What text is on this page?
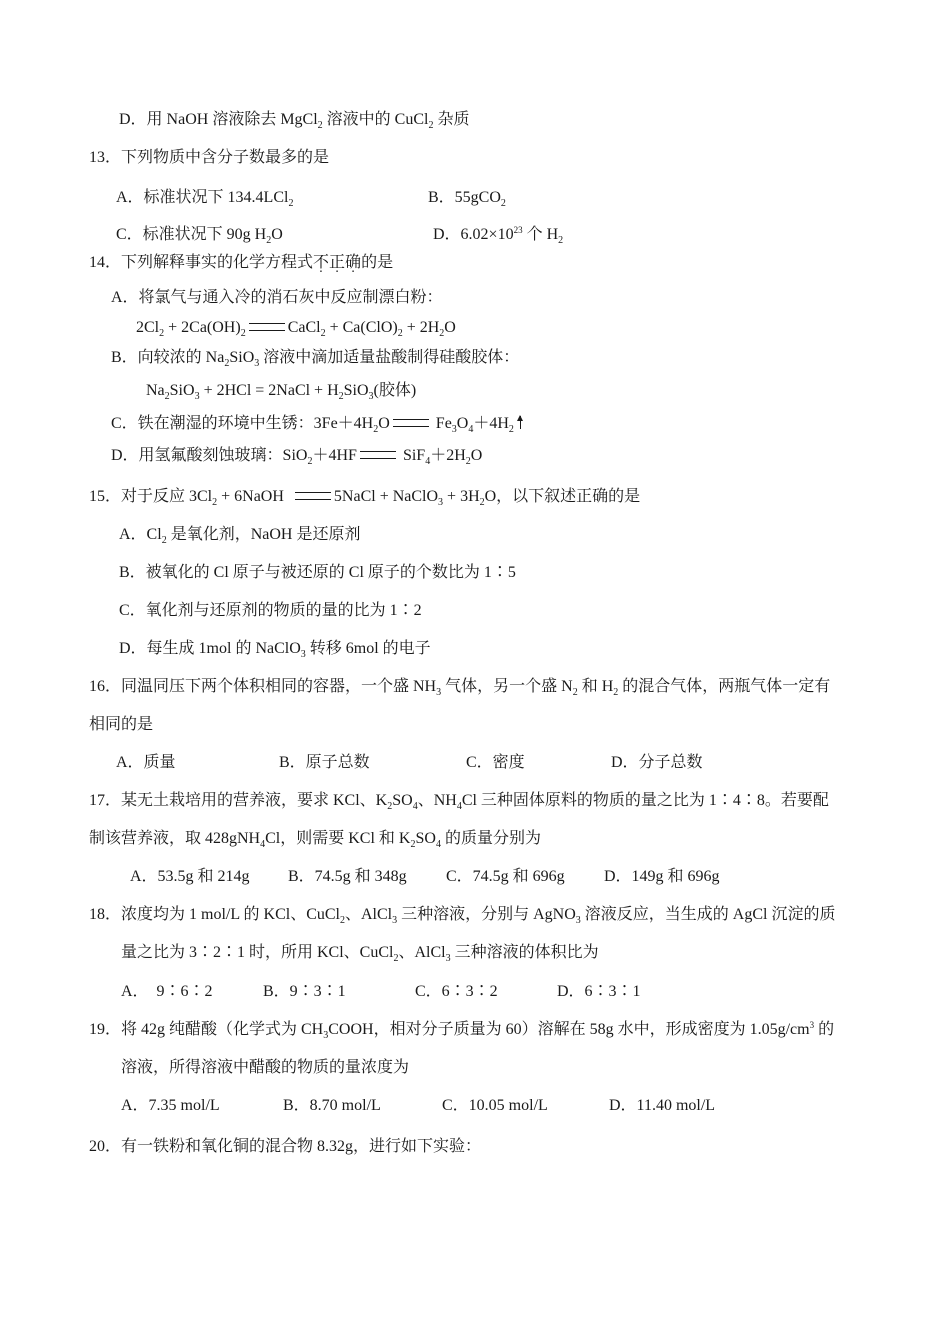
D．用 NaOH 溶液除去 MgCl$_2$ 溶液中的 CuCl$_2$ 杂质
13．下列物质中含分子数最多的是
A．标准状况下 134.4LCl$_2$	B．55gCO$_2$
C．标准状况下 90g $H_2O$	D．$6.02\times 10^{23}$ 个 $H_2$
14．下列解释事实的化学方程式不正确的是
A．将氯气与通入冷的消石灰中反应制漂白粉：
$2Cl_2 + 2Ca(OH)_2$	CaCl$_2$ + $Ca(ClO)_2 + 2H_2O$
B．向较浓的 $Na_2SiO_3$ 溶液中滴加适量盐酸制得硅酸胶体：
$Na_2SiO_3 + 2HCl$ = 2NaCl + $H_2SiO_3$(胶体)
C．铁在潮湿的环境中生锈：$3Fe+4H_2O$	$Fe_3O_4+4H_2$
D．用氢氟酸刻蚀玻璃：SiO$_2$＋4HF	$SiF_4+2H_2O$
15．对于反应 $3Cl_2$ + 6NaOH	5NaCl + NaClO$_3$ + $3H_2O$，以下叙述正确的是
A．$Cl_2$ 是氧化剂，NaOH 是还原剂
B．被氧化的 Cl 原子与被还原的 Cl 原子的个数比为 1∶5
C．氧化剂与还原剂的物质的量的比为 1∶2
D．每生成 1mol 的 NaClO$_3$ 转移 6mol 的电子
16．同温同压下两个体积相同的容器，一个盛 $NH_3$ 气体，另一个盛 $N_2$ 和 $H_2$ 的混合气体，两瓶气体一定有
相同的是
A．质量	B．原子总数	C．密度	D．分子总数
17．某无土栽培用的营养液，要求 KCl、$K_2SO_4$、$NH_4Cl$ 三种固体原料的物质的量之比为 1∶4∶8。若要配
制该营养液，取 428gNH$_4$Cl，则需要 KCl 和 $K_2SO_4$ 的质量分别为
A．53.5g 和 214g B．74.5g 和 348g C．74.5g 和 696g D．149g 和 696g
18．浓度均为 1 mol/L 的 KCl、CuCl$_2$、AlCl$_3$ 三种溶液，分别与 AgNO$_3$ 溶液反应，当生成的 AgCl 沉淀的质
量之比为 3∶2∶1 时，所用 KCl、CuCl$_2$、AlCl$_3$ 三种溶液的体积比为
A．  9∶6∶2	B．9∶3∶1	C．6∶3∶2	D．6∶3∶1
19．将 42g 纯醋酸（化学式为 $CH_3COOH$，相对分子质量为 60）溶解在 58g 水中，形成密度为 $1.05g/cm^3$ 的
溶液，所得溶液中醋酸的物质的量浓度为
A．7.35 mol/L	B．8.70 mol/L	C．10.05 mol/L	D．11.40 mol/L
20．有一铁粉和氧化铜的混合物 8.32g，进行如下实验：
